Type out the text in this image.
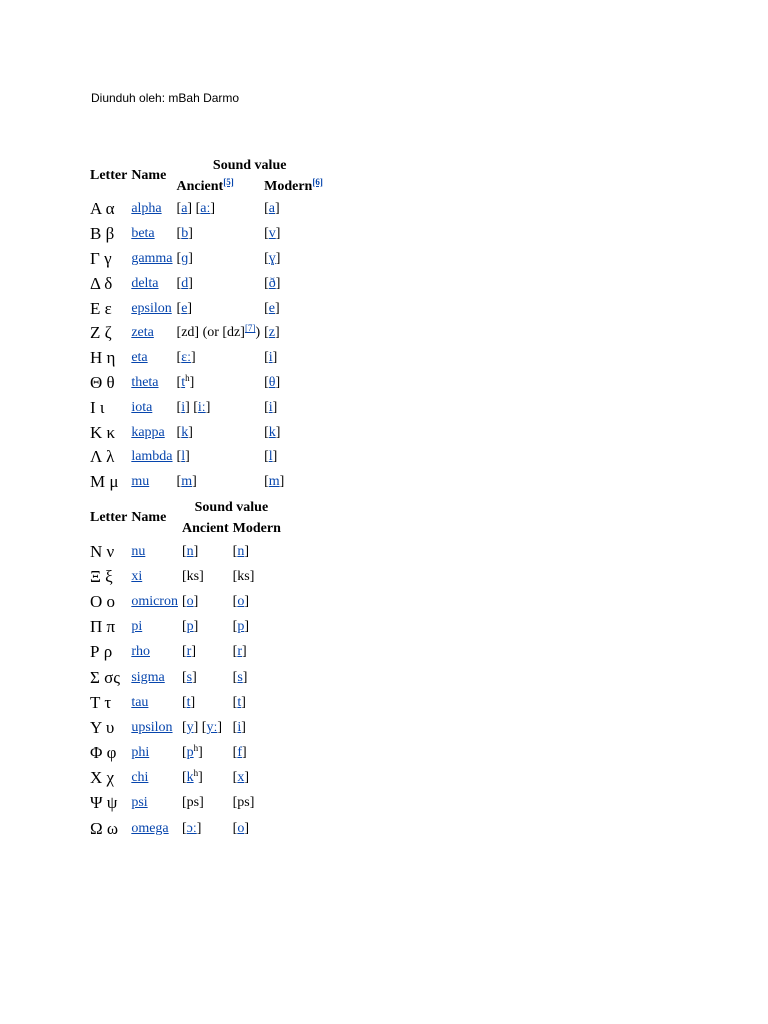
Diunduh oleh: mBah Darmo
Letter	Name	Sound value	
		Ancient[5]	Modern[6]
Α α	alpha	[a] [aː]	[a]
Β β	beta	[b]	[v]
Γ γ	gamma	[ɡ]	[ɣ]
Δ δ	delta	[d]	[ð]
Ε ε	epsilon	[e]	[e]
Ζ ζ	zeta	[zd] (or [dz][7])	[z]
Η η	eta	[ɛː]	[i]
Θ θ	theta	$[t^h]$	[θ]
Ι ι	iota	[i] [iː]	[i]
Κ κ	kappa	[k]	[k]
Λ λ	lambda	[l]	[l]
Μ μ	mu	[m]	[m]
Letter	Name	Sound value	
		Ancient	Modern
Ν ν	nu	[n]	[n]
Ξ ξ	xi	[ks]	[ks]
Ο ο	omicron	[o]	[o]
Π π	pi	[p]	[p]
Ρ ρ	rho	[r]	[r]
Σ σς	sigma	[s]	[s]
Τ τ	tau	[t]	[t]
Υ υ	upsilon	[y] [yː]	[i]
Φ φ	phi	$[p^h]$	[f]
Χ χ	chi	$[k^h]$	[x]
Ψ ψ	psi	[ps]	[ps]
Ω ω	omega	[ɔː]	[o]
